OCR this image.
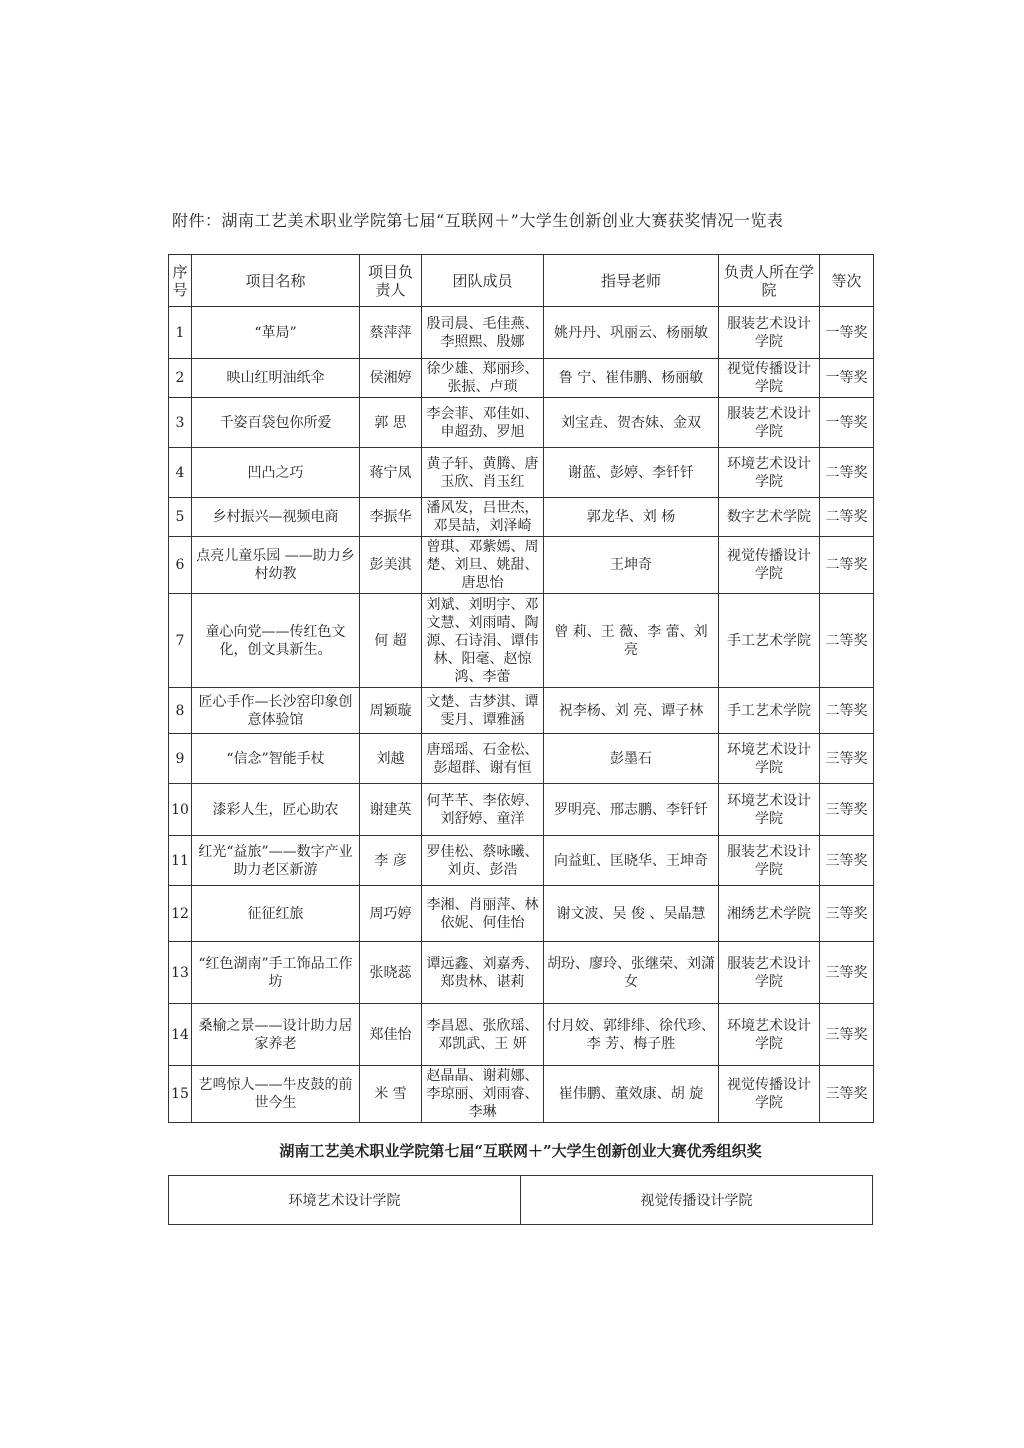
附件：湖南工艺美术职业学院第七届“互联网＋”大学生创新创业大赛获奖情况一览表
序号	项目名称	项目负责人	团队成员	指导老师	负责人所在学院	等次
1	“革局”	蔡萍萍	殷司晨、毛佳燕、李照熙、殷娜	姚丹丹、巩丽云、杨丽敏	服装艺术设计学院	一等奖
2	映山红明油纸伞	侯湘婷	徐少雄、郑丽珍、张振、卢琐	鲁 宁、崔伟鹏、杨丽敏	视觉传播设计学院	一等奖
3	千姿百袋包你所爱	郭 思	李会菲、邓佳如、申超劲、罗旭	刘宝垚、贺杏妹、金双	服装艺术设计学院	一等奖
4	凹凸之巧	蒋宁凤	黄子轩、黄腾、唐玉欣、肖玉红	谢蓝、彭婷、李钎钎	环境艺术设计学院	二等奖
5	乡村振兴—视频电商	李振华	潘风发，吕世杰，邓昊喆，刘泽崎	郭龙华、刘 杨	数字艺术学院	二等奖
6	点亮儿童乐园 ——助力乡村幼教	彭美淇	曾琪、邓紫嫣、周楚、刘旦、姚甜、唐思怡	王坤奇	视觉传播设计学院	二等奖
7	童心向党——传红色文化，创文具新生。	何 超	刘斌、刘明宇、邓文慧、刘雨晴、陶源、石诗涓、谭伟林、阳毫、赵惊鸿、李蕾	曾 莉、王 薇、李 蕾、刘 亮	手工艺术学院	二等奖
8	匠心手作—长沙窑印象创意体验馆	周颖璇	文楚、吉梦淇、谭雯月、谭雅涵	祝李杨、刘 亮、谭子林	手工艺术学院	二等奖
9	“信念”智能手杖	刘越	唐瑶瑶、石金松、彭超群、谢有恒	彭墨石	环境艺术设计学院	三等奖
10	漆彩人生，匠心助农	谢建英	何芊芊、李依婷、刘舒婷、童洋	罗明亮、邢志鹏、李钎钎	环境艺术设计学院	三等奖
11	红光“益旅”——数字产业助力老区新游	李 彦	罗佳松、蔡咏曦、刘贞、彭浩	向益虹、匡晓华、王坤奇	服装艺术设计学院	三等奖
12	征征红旅	周巧婷	李湘、肖丽萍、林依妮、何佳怡	谢文波、吴 俊 、吴晶慧	湘绣艺术学院	三等奖
13	“红色湖南”手工饰品工作坊	张晓蕊	谭远鑫、刘嘉秀、郑贵林、谌莉	胡玢、廖玲、张继荣、刘潇女	服装艺术设计学院	三等奖
14	桑榆之景——设计助力居家养老	郑佳怡	李昌恩、张欣瑶、邓凯武、王 妍	付月姣、郭绯绯、徐代珍、李 芳、梅子胜	环境艺术设计学院	三等奖
15	艺鸣惊人——牛皮鼓的前世今生	米 雪	赵晶晶、谢莉娜、李琼丽、刘雨睿、李琳	崔伟鹏、董效康、胡 旋	视觉传播设计学院	三等奖
湖南工艺美术职业学院第七届“互联网＋”大学生创新创业大赛优秀组织奖
环境艺术设计学院	视觉传播设计学院
